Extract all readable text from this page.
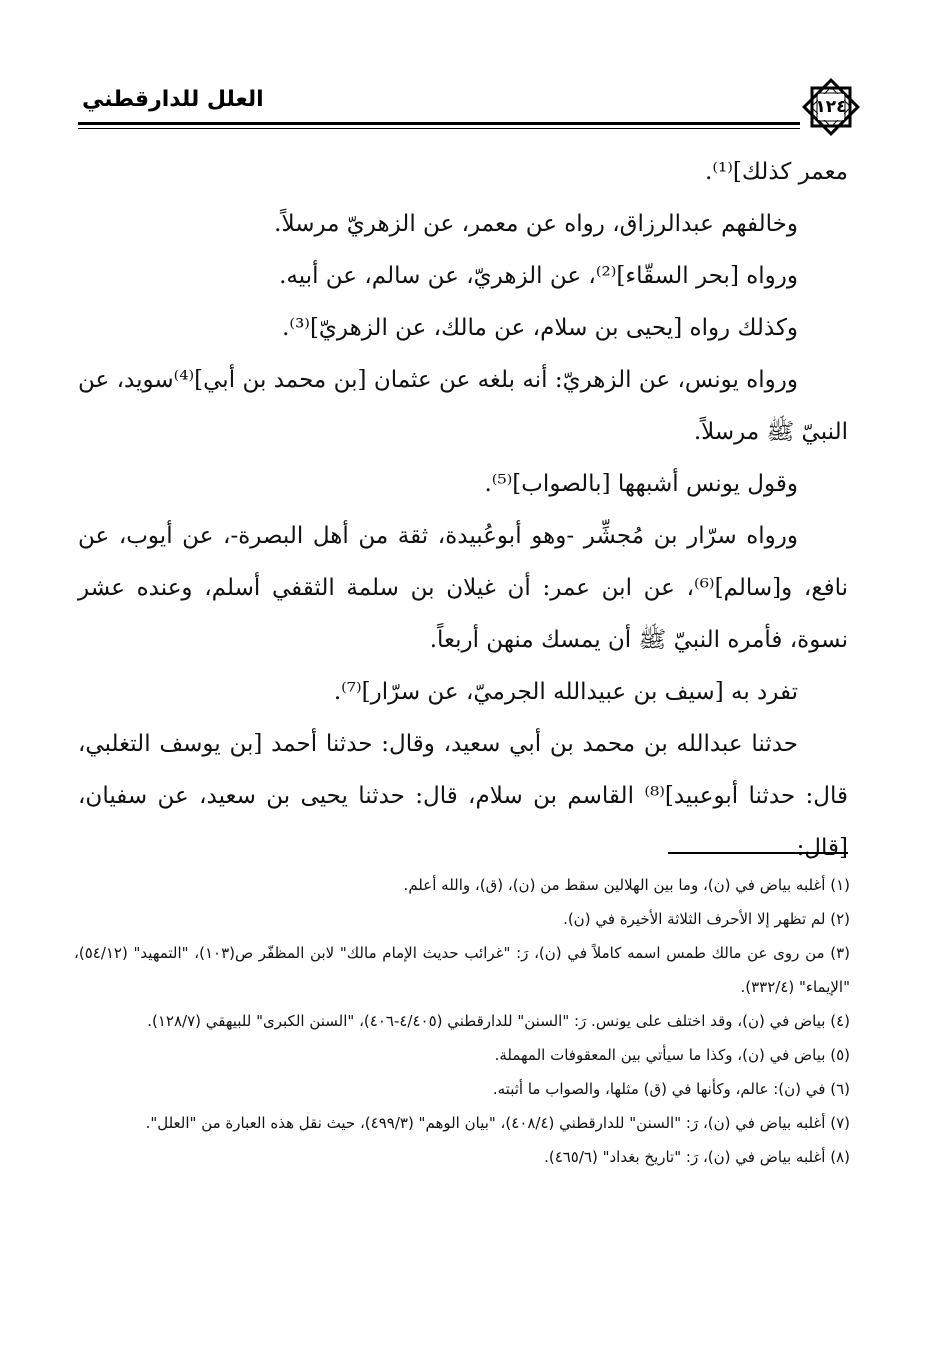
العلل للدارقطني	١٢٤

معمر كذلك]⁽¹⁾.

وخالفهم عبدالرزاق، رواه عن معمر، عن الزهريّ مرسلاً.

ورواه [بحر السقّاء]⁽²⁾، عن الزهريّ، عن سالم، عن أبيه.

وكذلك رواه [يحيى بن سلام، عن مالك، عن الزهريّ]⁽³⁾.

ورواه يونس، عن الزهريّ: أنه بلغه عن عثمان [بن محمد بن أبي]⁽⁴⁾سويد، عن النبيّ ﷺ مرسلاً.

وقول يونس أشبهها [بالصواب]⁽⁵⁾.

ورواه سرّار بن مُجشِّر -وهو أبوعُبيدة، ثقة من أهل البصرة-، عن أيوب، عن نافع، و[سالم]⁽⁶⁾، عن ابن عمر: أن غيلان بن سلمة الثقفي أسلم، وعنده عشر نسوة، فأمره النبيّ ﷺ أن يمسك منهن أربعاً.

تفرد به [سيف بن عبيدالله الجرميّ، عن سرّار]⁽⁷⁾.

حدثنا عبدالله بن محمد بن أبي سعيد، وقال: حدثنا أحمد [بن يوسف التغلبي، قال: حدثنا أبوعبيد]⁽⁸⁾ القاسم بن سلام، قال: حدثنا يحيى بن سعيد، عن سفيان، [قال:

(١) أغلبه بياض في (ن)، وما بين الهلالين سقط من (ن)، (ق)، والله أعلم.

(٢) لم تظهر إلا الأحرف الثلاثة الأخيرة في (ن).

(٣) من روى عن مالك طمس اسمه كاملاً في (ن)، رَ: "غرائب حديث الإمام مالك" لابن المظفّر ص(١٠٣)، "التمهيد" (٥٤/١٢)، "الإيماء" (٣٣٢/٤).

(٤) بياض في (ن)، وقد اختلف على يونس. رَ: "السنن" للدارقطني (٤/٤٠٥-٤٠٦)، "السنن الكبرى" للبيهقي (١٢٨/٧).

(٥) بياض في (ن)، وكذا ما سيأتي بين المعقوفات المهملة.

(٦) في (ن): عالم، وكأنها في (ق) مثلها، والصواب ما أثبته.

(٧) أغلبه بياض في (ن)، رَ: "السنن" للدارقطني (٤٠٨/٤)، "بيان الوهم" (٤٩٩/٣)، حيث نقل هذه العبارة من "العلل".

(٨) أغلبه بياض في (ن)، رَ: "تاريخ بغداد" (٤٦٥/٦).
